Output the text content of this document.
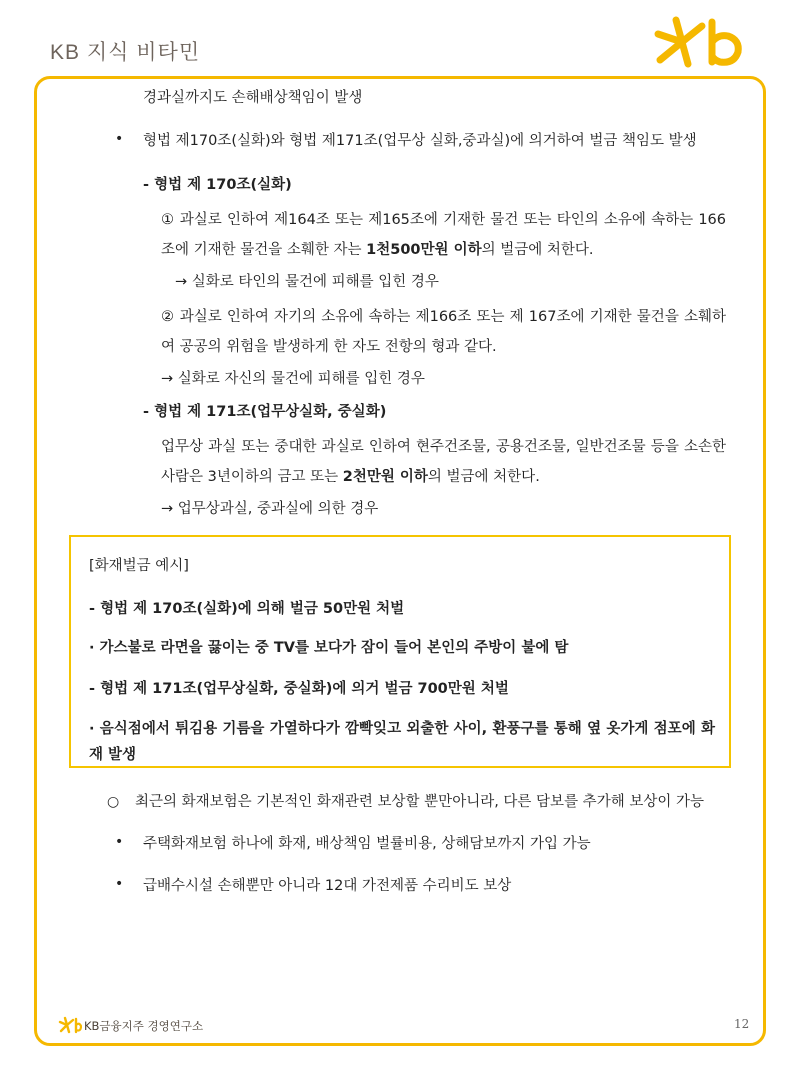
KB 지식 비타민
경과실까지도 손해배상책임이 발생
• 형법 제170조(실화)와 형법 제171조(업무상 실화,중과실)에 의거하여 벌금 책임도 발생
- 형법 제 170조(실화)
① 과실로 인하여 제164조 또는 제165조에 기재한 물건 또는 타인의 소유에 속하는 166조에 기재한 물건을 소훼한 자는 1천500만원 이하의 벌금에 처한다.
→ 실화로 타인의 물건에 피해를 입힌 경우
② 과실로 인하여 자기의 소유에 속하는 제166조 또는 제 167조에 기재한 물건을 소훼하여 공공의 위험을 발생하게 한 자도 전항의 형과 같다.
→ 실화로 자신의 물건에 피해를 입힌 경우
- 형법 제 171조(업무상실화, 중실화)
업무상 과실 또는 중대한 과실로 인하여 현주건조물, 공용건조물, 일반건조물 등을 소손한 사람은 3년이하의 금고 또는 2천만원 이하의 벌금에 처한다.
→ 업무상과실, 중과실에 의한 경우
[화재벌금 예시]
- 형법 제 170조(실화)에 의해 벌금 50만원 처벌
· 가스불로 라면을 끓이는 중 TV를 보다가 잠이 들어 본인의 주방이 불에 탐
- 형법 제 171조(업무상실화, 중실화)에 의거 벌금 700만원 처벌
· 음식점에서 튀김용 기름을 가열하다가 깜빡잊고 외출한 사이, 환풍구를 통해 옆 옷가게 점포에 화재 발생
○ 최근의 화재보험은 기본적인 화재관련 보상할 뿐만아니라, 다른 담보를 추가해 보상이 가능
• 주택화재보험 하나에 화재, 배상책임 벌률비용, 상해담보까지 가입 가능
• 급배수시설 손해뿐만 아니라 12대 가전제품 수리비도 보상
KB금융지주 경영연구소	12
